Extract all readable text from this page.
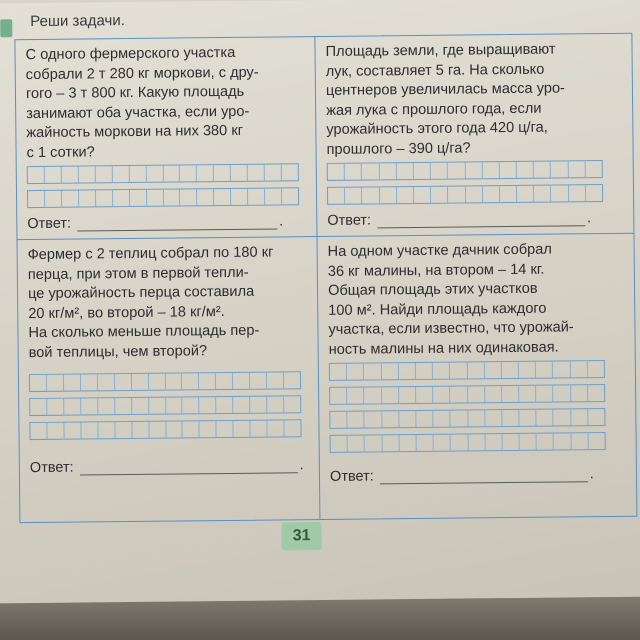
Реши задачи.
С одного фермерского участка
собрали 2 т 280 кг моркови, с дру-
гого – 3 т 800 кг. Какую площадь
занимают оба участка, если уро-
жайность моркови на них 380 кг
с 1 сотки?
Ответ:	.
Площадь земли, где выращивают
лук, составляет 5 га. На сколько
центнеров увеличилась масса уро-
жая лука с прошлого года, если
урожайность этого года 420 ц/га,
прошлого – 390 ц/га?
Ответ:	.
Фермер с 2 теплиц собрал по 180 кг
перца, при этом в первой тепли-
це урожайность перца составила
20 кг/м², во второй – 18 кг/м².
На сколько меньше площадь пер-
вой теплицы, чем второй?
Ответ:	.
На одном участке дачник собрал
36 кг малины, на втором – 14 кг.
Общая площадь этих участков
100 м². Найди площадь каждого
участка, если известно, что урожай-
ность малины на них одинаковая.
Ответ:	.
31
